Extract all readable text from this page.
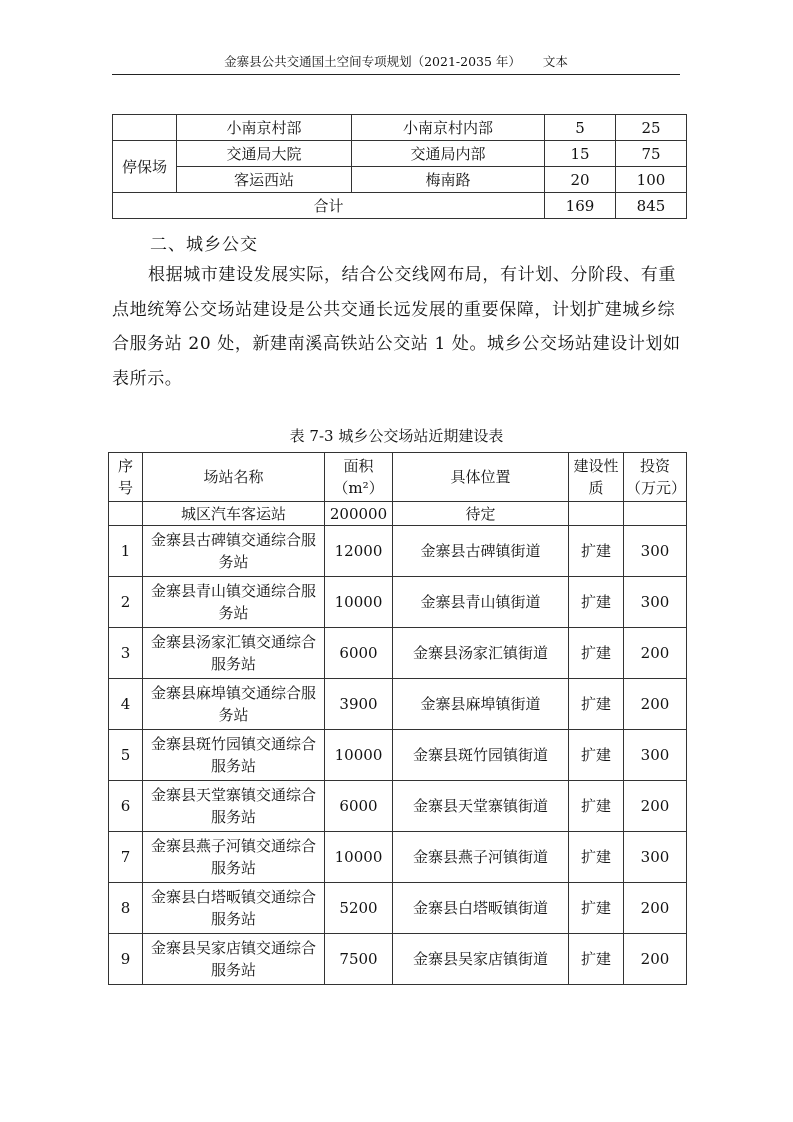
金寨县公共交通国土空间专项规划（2021-2035 年） 文本
	小南京村部	小南京村内部	5	25
停保场	交通局大院	交通局内部	15	75
	客运西站	梅南路	20	100
合计			169	845
二、城乡公交
根据城市建设发展实际，结合公交线网布局，有计划、分阶段、有重点地统筹公交场站建设是公共交通长远发展的重要保障，计划扩建城乡综合服务站 20 处，新建南溪高铁站公交站 1 处。城乡公交场站建设计划如表所示。
表 7-3 城乡公交场站近期建设表
序号	场站名称	面积（m²）	具体位置	建设性质	投资（万元）
	城区汽车客运站	200000	待定		
1	金寨县古碑镇交通综合服务站	12000	金寨县古碑镇街道	扩建	300
2	金寨县青山镇交通综合服务站	10000	金寨县青山镇街道	扩建	300
3	金寨县汤家汇镇交通综合服务站	6000	金寨县汤家汇镇街道	扩建	200
4	金寨县麻埠镇交通综合服务站	3900	金寨县麻埠镇街道	扩建	200
5	金寨县斑竹园镇交通综合服务站	10000	金寨县斑竹园镇街道	扩建	300
6	金寨县天堂寨镇交通综合服务站	6000	金寨县天堂寨镇街道	扩建	200
7	金寨县燕子河镇交通综合服务站	10000	金寨县燕子河镇街道	扩建	300
8	金寨县白塔畈镇交通综合服务站	5200	金寨县白塔畈镇街道	扩建	200
9	金寨县吴家店镇交通综合服务站	7500	金寨县吴家店镇街道	扩建	200
